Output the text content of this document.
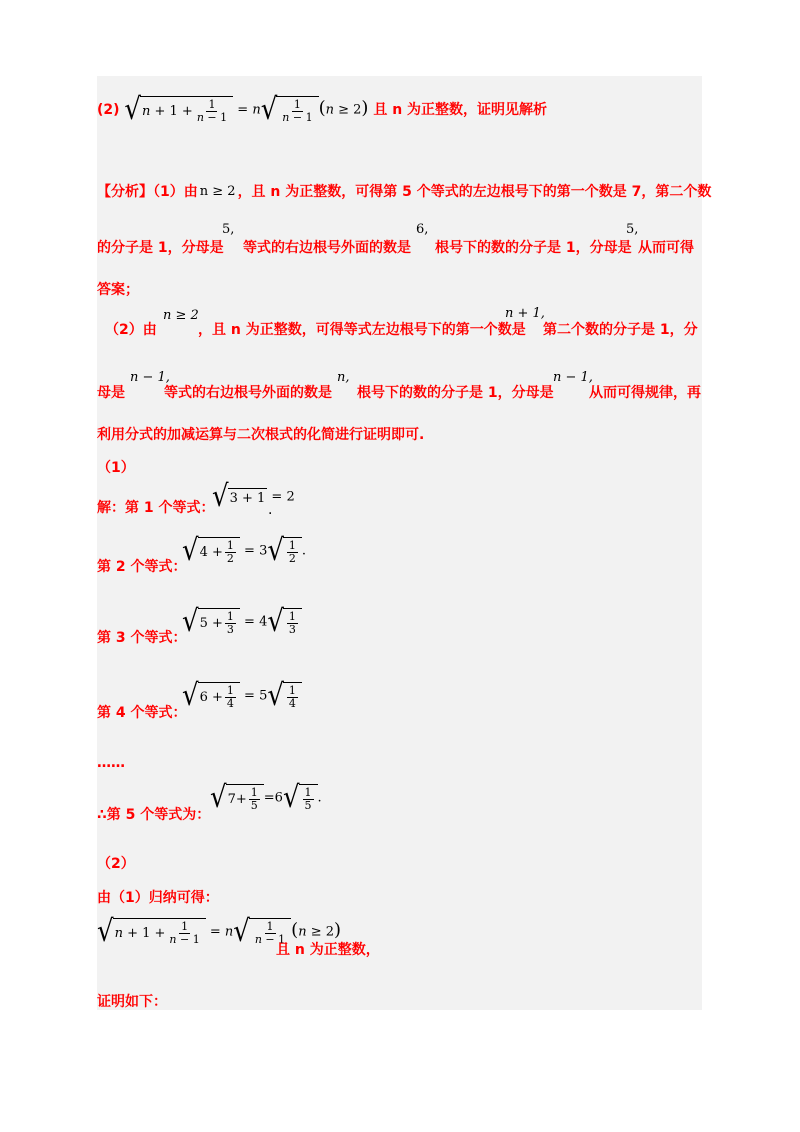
(2) √ $n + 1 + \frac{1}{n - 1} = n$ √ $\frac{1}{n - 1} (n \ge 2)$ 且 n 为正整数，证明见解析
【分析】（1）由 n ≥ 2 ，且 n 为正整数，可得第 5 个等式的左边根号下的第一个数是 7，第二个数
的分子是 1，分母是
5,
等式的右边根号外面的数是
6,
根号下的数的分子是 1，分母是
5,
从而可得
答案；
（2）由
n ≥ 2
，且 n 为正整数，可得等式左边根号下的第一个数是
n + 1,
第二个数的分子是 1，分
母是
n − 1,
等式的右边根号外面的数是
n,
根号下的数的分子是 1，分母是
n − 1,
从而可得规律，再
利用分式的加减运算与二次根式的化简进行证明即可.
（1）
解：第 1 个等式：
√ 3 + 1 = 2
.
第 2 个等式：
√ $4 + \frac{1}{2} = 3$ √ $\frac{1}{2}$ .
第 3 个等式：
√ $5 + \frac{1}{3} = 4$ √ $\frac{1}{3}$
第 4 个等式：
√ $6 + \frac{1}{4} = 5$ √ $\frac{1}{4}$
……
∴第 5 个等式为： √ $7 + \frac{1}{5} =6$ √ $\frac{1}{5}$ .
（2）
由（1）归纳可得：
√ $n + 1 + \frac{1}{n - 1} = n$ √ $\frac{1}{n - 1} (n \ge 2)$
且 n 为正整数，
证明如下：
